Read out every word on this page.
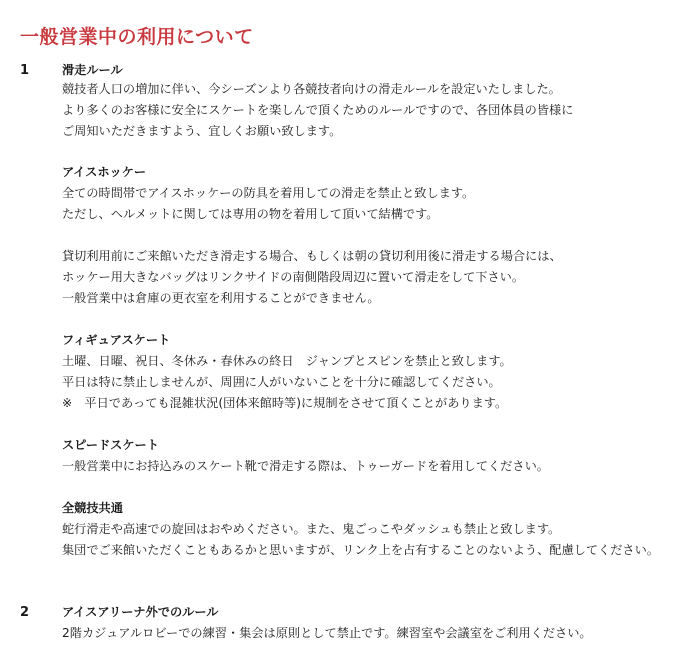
一般営業中の利用について
1	滑走ルール
競技者人口の増加に伴い、今シーズンより各競技者向けの滑走ルールを設定いたしました。
より多くのお客様に安全にスケートを楽しんで頂くためのルールですので、各団体員の皆様に
ご周知いただきますよう、宜しくお願い致します。
アイスホッケー
全ての時間帯でアイスホッケーの防具を着用しての滑走を禁止と致します。
ただし、ヘルメットに関しては専用の物を着用して頂いて結構です。
貸切利用前にご来館いただき滑走する場合、もしくは朝の貸切利用後に滑走する場合には、
ホッケー用大きなバッグはリンクサイドの南側階段周辺に置いて滑走をして下さい。
一般営業中は倉庫の更衣室を利用することができません。
フィギュアスケート
土曜、日曜、祝日、冬休み・春休みの終日　ジャンプとスピンを禁止と致します。
平日は特に禁止しませんが、周囲に人がいないことを十分に確認してください。
※　平日であっても混雑状況(団体来館時等)に規制をさせて頂くことがあります。
スピードスケート
一般営業中にお持込みのスケート靴で滑走する際は、トゥーガードを着用してください。
全競技共通
蛇行滑走や高速での旋回はおやめください。また、鬼ごっこやダッシュも禁止と致します。
集団でご来館いただくこともあるかと思いますが、リンク上を占有することのないよう、配慮してください。
2	アイスアリーナ外でのルール
2階カジュアルロビーでの練習・集会は原則として禁止です。練習室や会議室をご利用ください。
